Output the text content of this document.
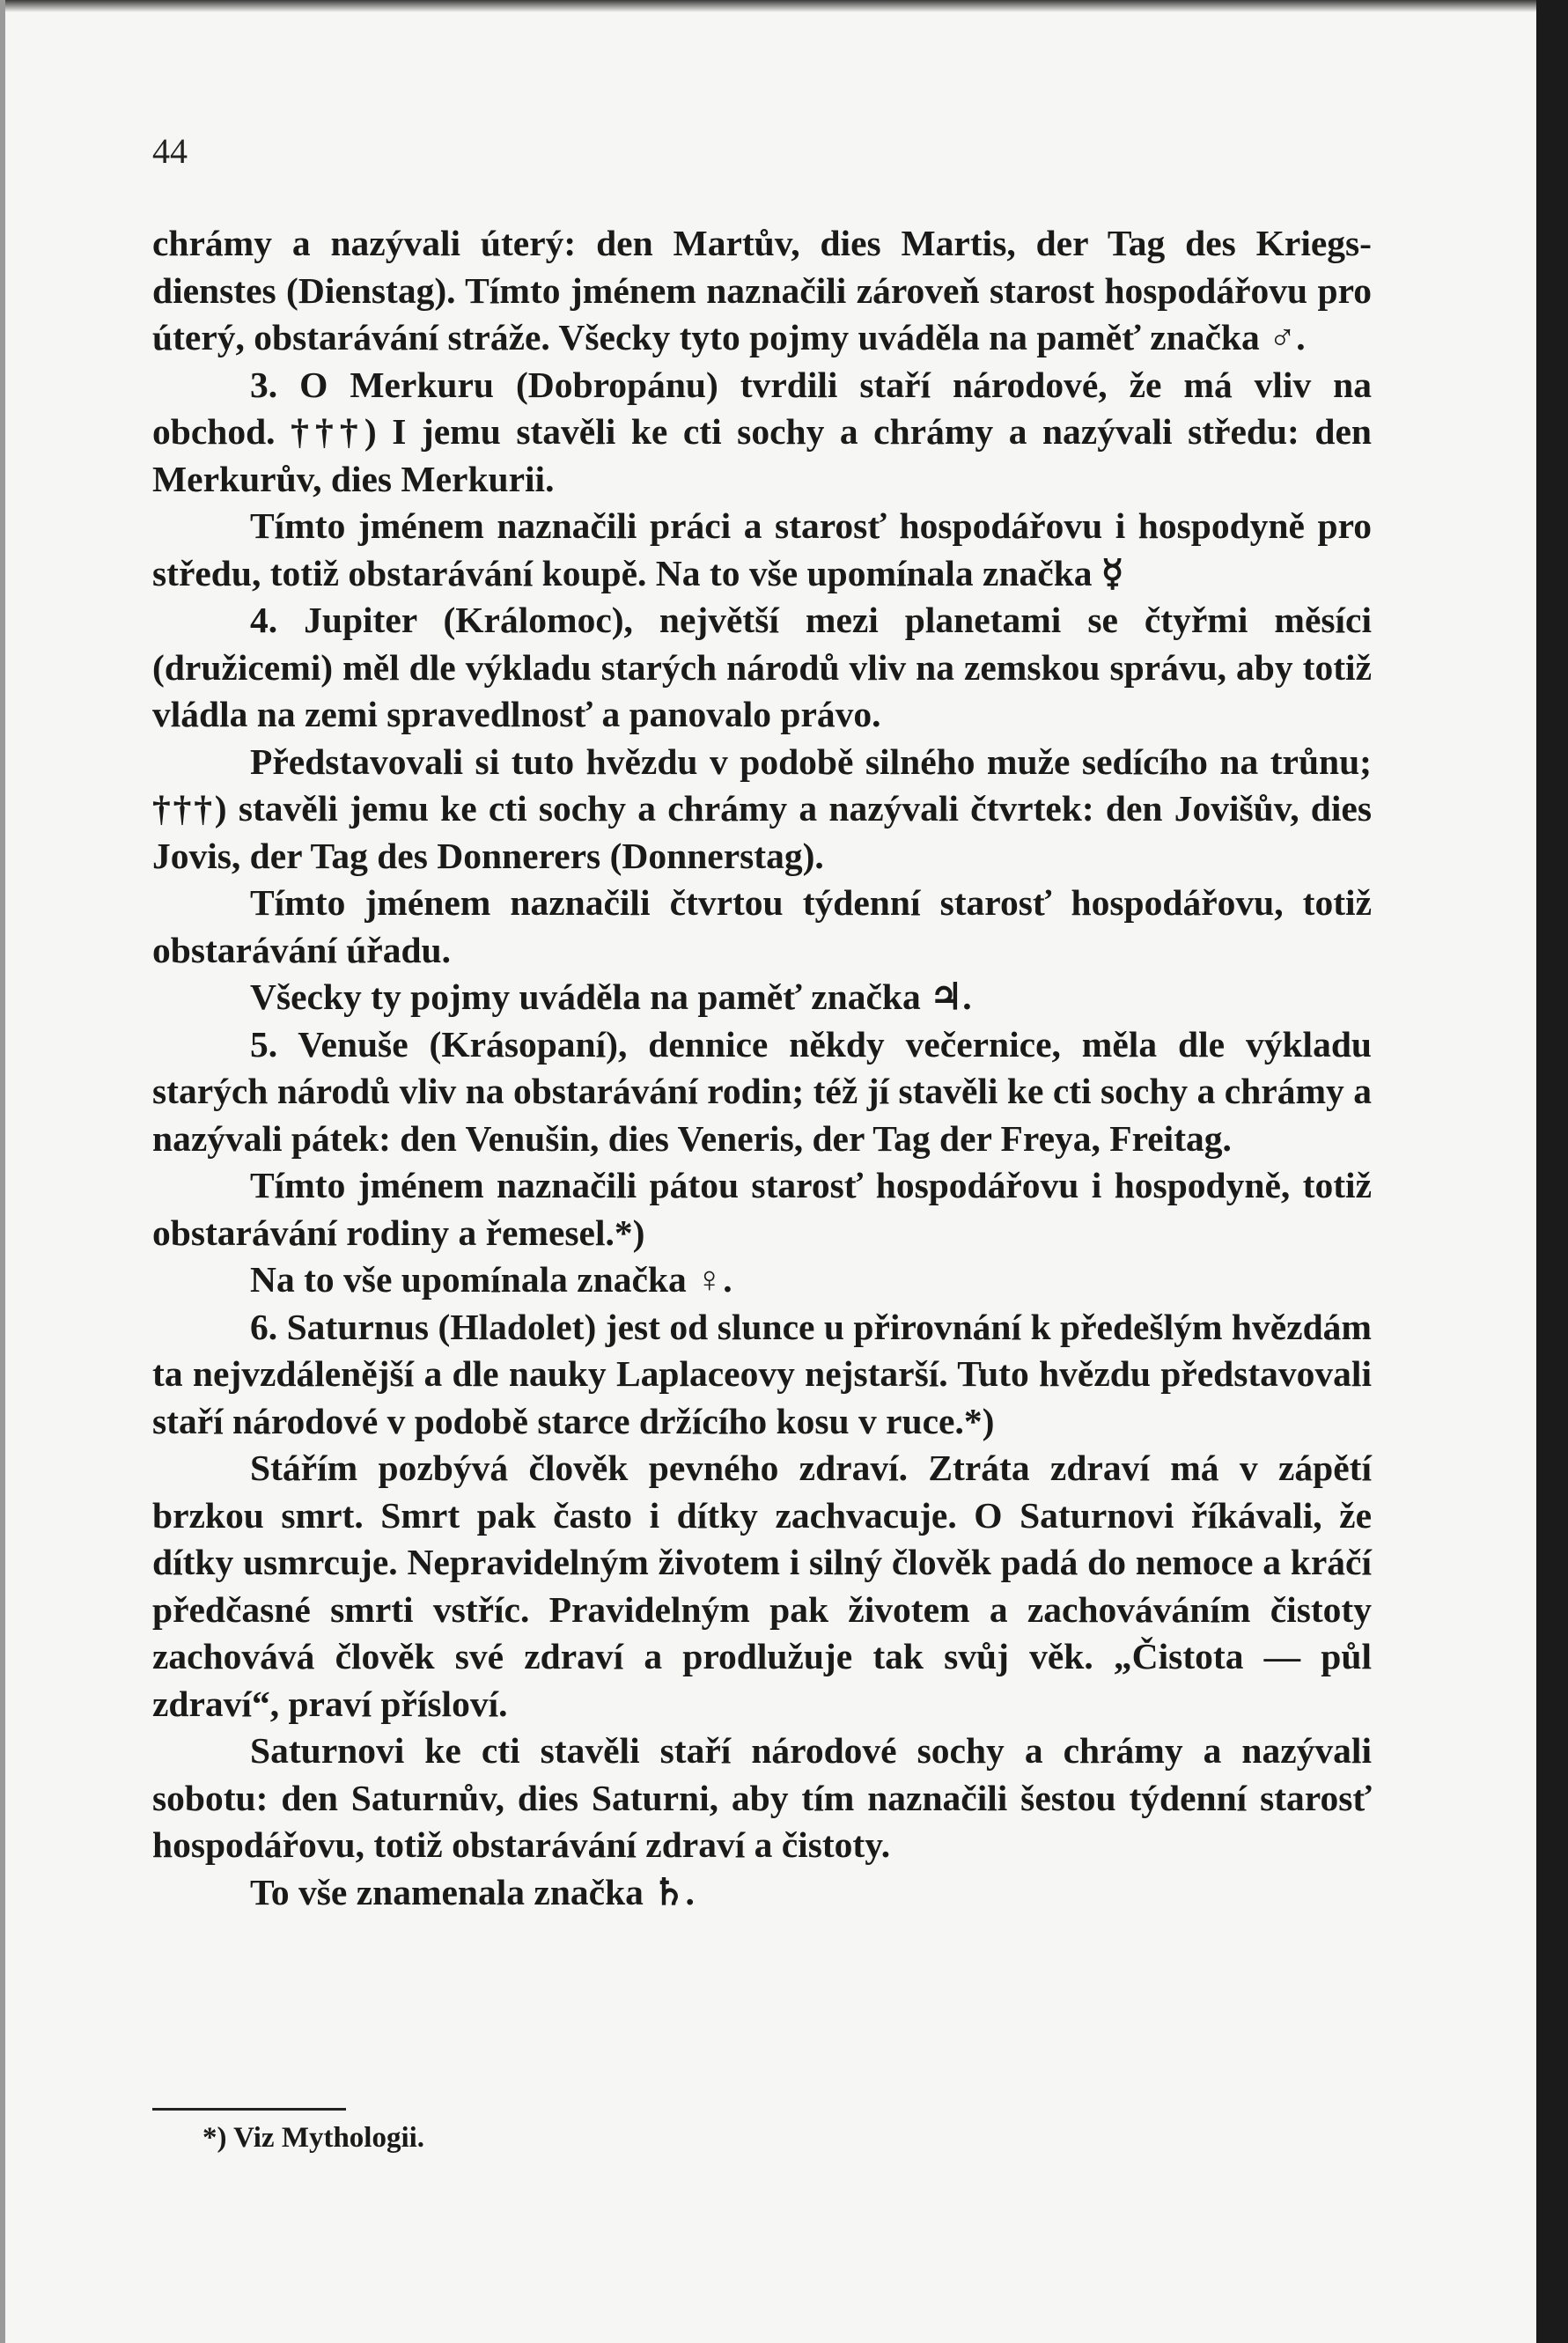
44

chrámy a nazývali úterý: den Martův, dies Martis, der Tag des Kriegs- dienstes (Dienstag). Tímto jménem naznačili zároveň starost hospodářovu pro úterý, obstarávání stráže. Všecky tyto pojmy uváděla na paměť značka ♂.

3. O Merkuru (Dobropánu) tvrdili staří národové, že má vliv na obchod. †††) I jemu stavěli ke cti sochy a chrámy a nazývali středu: den Merkurův, dies Merkurii.

Tímto jménem naznačili práci a starosť hospodářovu i hospodyně pro středu, totiž obstarávání koupě. Na to vše upomínala značka ☿

4. Jupiter (Králomoc), největší mezi planetami se čtyřmi měsíci (družicemi) měl dle výkladu starých národů vliv na zemskou správu, aby totiž vládla na zemi spravedlnosť a panovalo právo.

Představovali si tuto hvězdu v podobě silného muže sedícího na trůnu; †††) stavěli jemu ke cti sochy a chrámy a nazývali čtvrtek: den Jovišův, dies Jovis, der Tag des Donnerers (Donnerstag).

Tímto jménem naznačili čtvrtou týdenní starosť hospodářovu, totiž obstarávání úřadu.

Všecky ty pojmy uváděla na paměť značka ♃.

5. Venuše (Krásopaní), dennice někdy večernice, měla dle výkladu starých národů vliv na obstarávání rodin; též jí stavěli ke cti sochy a chrámy a nazývali pátek: den Venušin, dies Veneris, der Tag der Freya, Freitag.

Tímto jménem naznačili pátou starosť hospodářovu i hospodyně, totiž obstarávání rodiny a řemesel.*)

Na to vše upomínala značka ♀.

6. Saturnus (Hladolet) jest od slunce u přirovnání k předešlým hvězdám ta nejvzdálenější a dle nauky Laplaceovy nejstarší. Tuto hvězdu představovali staří národové v podobě starce držícího kosu v ruce.*)

Stářím pozbývá člověk pevného zdraví. Ztráta zdraví má v zápětí brzkou smrt. Smrt pak často i dítky zachvacuje. O Saturnovi říkávali, že dítky usmrcuje. Nepravidelným životem i silný člověk padá do nemoce a kráčí předčasné smrti vstříc. Pravidelným pak životem a zachováváním čistoty zachovává člověk své zdraví a prodlužuje tak svůj věk. „Čistota — půl zdraví“, praví přísloví.

Saturnovi ke cti stavěli staří národové sochy a chrámy a nazývali sobotu: den Saturnův, dies Saturni, aby tím naznačili šestou týdenní starosť hospodářovu, totiž obstarávání zdraví a čistoty.

To vše znamenala značka ♄.

*) Viz Mythologii.
